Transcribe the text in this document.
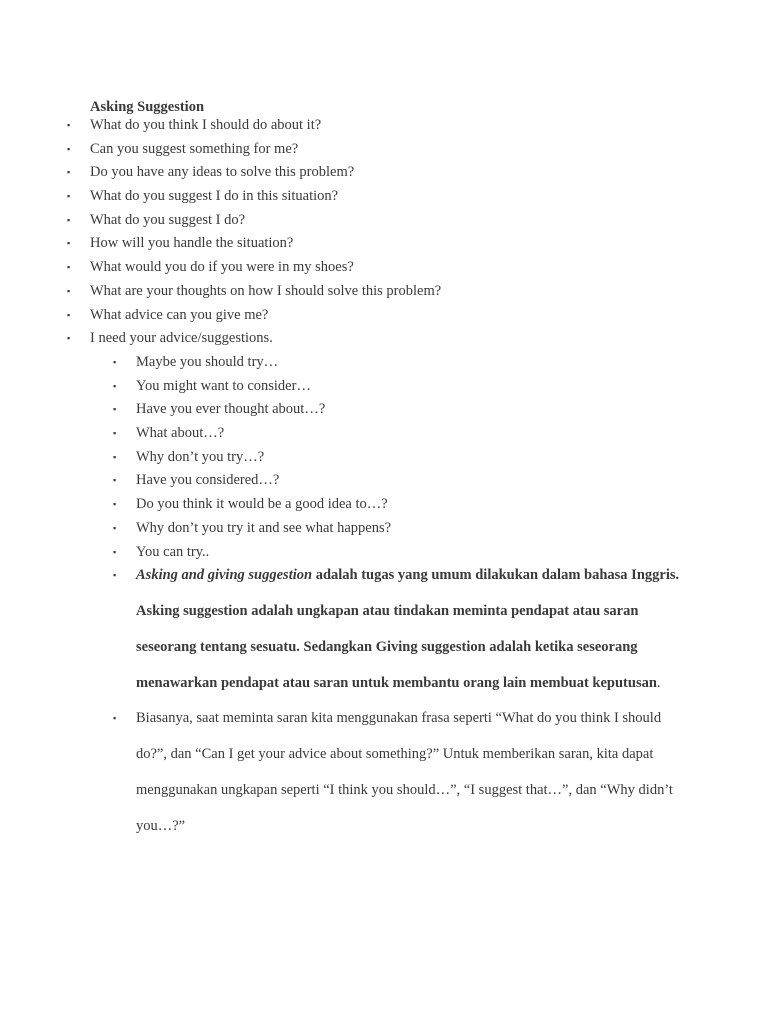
Asking Suggestion
▪ What do you think I should do about it?
▪ Can you suggest something for me?
▪ Do you have any ideas to solve this problem?
▪ What do you suggest I do in this situation?
▪ What do you suggest I do?
▪ How will you handle the situation?
▪ What would you do if you were in my shoes?
▪ What are your thoughts on how I should solve this problem?
▪ What advice can you give me?
▪ I need your advice/suggestions.
▪ Maybe you should try…
▪ You might want to consider…
▪ Have you ever thought about…?
▪ What about…?
▪ Why don’t you try…?
▪ Have you considered…?
▪ Do you think it would be a good idea to…?
▪ Why don’t you try it and see what happens?
▪ You can try..
▪ Asking and giving suggestion adalah tugas yang umum dilakukan dalam bahasa Inggris. Asking suggestion adalah ungkapan atau tindakan meminta pendapat atau saran seseorang tentang sesuatu. Sedangkan Giving suggestion adalah ketika seseorang menawarkan pendapat atau saran untuk membantu orang lain membuat keputusan.
▪ Biasanya, saat meminta saran kita menggunakan frasa seperti “What do you think I should do?”, dan “Can I get your advice about something?” Untuk memberikan saran, kita dapat menggunakan ungkapan seperti “I think you should…”, “I suggest that…”, dan “Why didn’t you…?”
